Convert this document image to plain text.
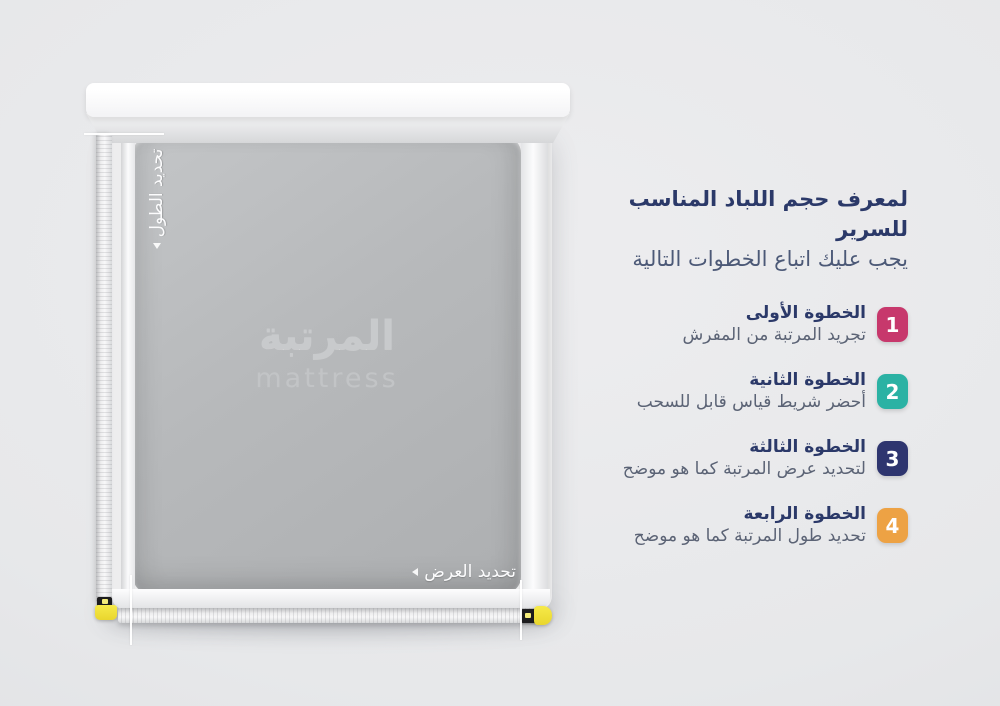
المرتبة
mattress
تحديد الطول
تحديد العرض
لمعرف حجم اللباد المناسب للسرير
يجب عليك اتباع الخطوات التالية
1
الخطوة الأولى
تجريد المرتبة من المفرش
2
الخطوة الثانية
أحضر شريط قياس قابل للسحب
3
الخطوة الثالثة
لتحديد عرض المرتبة كما هو موضح
4
الخطوة الرابعة
تحديد طول المرتبة كما هو موضح
